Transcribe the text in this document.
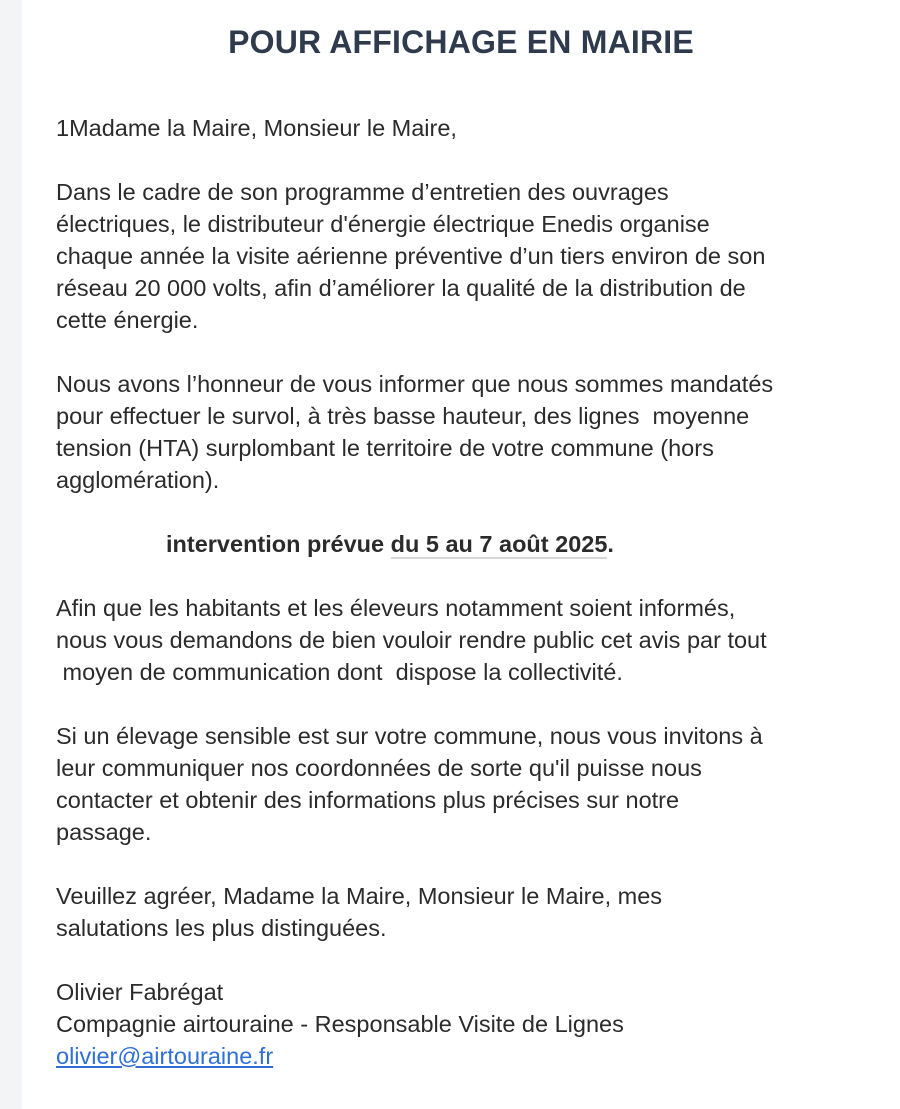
POUR AFFICHAGE EN MAIRIE

1Madame la Maire, Monsieur le Maire,

Dans le cadre de son programme d’entretien des ouvrages
électriques, le distributeur d'énergie électrique Enedis organise
chaque année la visite aérienne préventive d’un tiers environ de son
réseau 20 000 volts, afin d’améliorer la qualité de la distribution de
cette énergie.

Nous avons l’honneur de vous informer que nous sommes mandatés
pour effectuer le survol, à très basse hauteur, des lignes  moyenne
tension (HTA) surplombant le territoire de votre commune (hors
agglomération).

intervention prévue du 5 au 7 août 2025.

Afin que les habitants et les éleveurs notamment soient informés,
nous vous demandons de bien vouloir rendre public cet avis par tout
moyen de communication dont  dispose la collectivité.

Si un élevage sensible est sur votre commune, nous vous invitons à
leur communiquer nos coordonnées de sorte qu'il puisse nous
contacter et obtenir des informations plus précises sur notre
passage.

Veuillez agréer, Madame la Maire, Monsieur le Maire, mes
salutations les plus distinguées.

Olivier Fabrégat

Compagnie airtouraine - Responsable Visite de Lignes

olivier@airtouraine.fr
